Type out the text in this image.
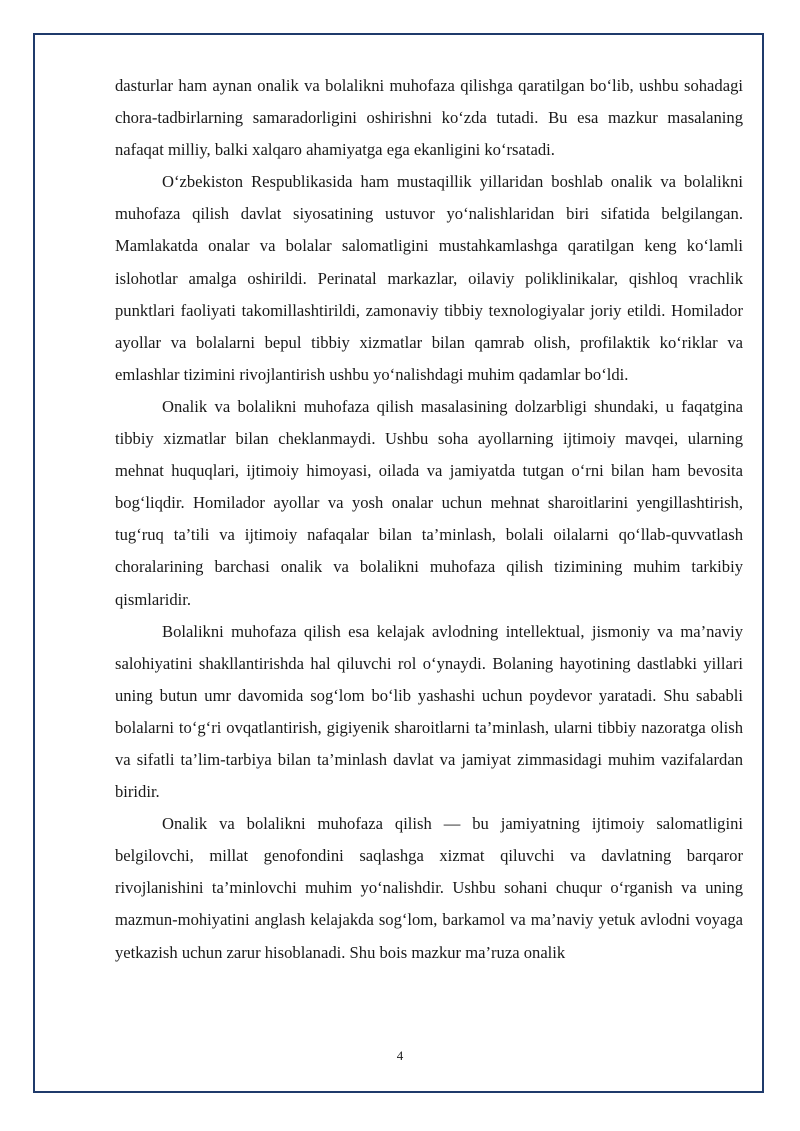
dasturlar ham aynan onalik va bolalikni muhofaza qilishga qaratilgan bo‘lib, ushbu sohadagi chora-tadbirlarning samaradorligini oshirishni ko‘zda tutadi. Bu esa mazkur masalaning nafaqat milliy, balki xalqaro ahamiyatga ega ekanligini ko‘rsatadi.

O‘zbekiston Respublikasida ham mustaqillik yillaridan boshlab onalik va bolalikni muhofaza qilish davlat siyosatining ustuvor yo‘nalishlaridan biri sifatida belgilangan. Mamlakatda onalar va bolalar salomatligini mustahkamlashga qaratilgan keng ko‘lamli islohotlar amalga oshirildi. Perinatal markazlar, oilaviy poliklinikalar, qishloq vrachlik punktlari faoliyati takomillashtirildi, zamonaviy tibbiy texnologiyalar joriy etildi. Homilador ayollar va bolalarni bepul tibbiy xizmatlar bilan qamrab olish, profilaktik ko‘riklar va emlashlar tizimini rivojlantirish ushbu yo‘nalishdagi muhim qadamlar bo‘ldi.

Onalik va bolalikni muhofaza qilish masalasining dolzarbligi shundaki, u faqatgina tibbiy xizmatlar bilan cheklanmaydi. Ushbu soha ayollarning ijtimoiy mavqei, ularning mehnat huquqlari, ijtimoiy himoyasi, oilada va jamiyatda tutgan o‘rni bilan ham bevosita bog‘liqdir. Homilador ayollar va yosh onalar uchun mehnat sharoitlarini yengillashtirish, tug‘ruq ta’tili va ijtimoiy nafaqalar bilan ta’minlash, bolali oilalarni qo‘llab-quvvatlash choralarining barchasi onalik va bolalikni muhofaza qilish tizimining muhim tarkibiy qismlaridir.

Bolalikni muhofaza qilish esa kelajak avlodning intellektual, jismoniy va ma’naviy salohiyatini shakllantirishda hal qiluvchi rol o‘ynaydi. Bolaning hayotining dastlabki yillari uning butun umr davomida sog‘lom bo‘lib yashashi uchun poydevor yaratadi. Shu sababli bolalarni to‘g‘ri ovqatlantirish, gigiyenik sharoitlarni ta’minlash, ularni tibbiy nazoratga olish va sifatli ta’lim-tarbiya bilan ta’minlash davlat va jamiyat zimmasidagi muhim vazifalardan biridir.

Onalik va bolalikni muhofaza qilish — bu jamiyatning ijtimoiy salomatligini belgilovchi, millat genofondini saqlashga xizmat qiluvchi va davlatning barqaror rivojlanishini ta’minlovchi muhim yo‘nalishdir. Ushbu sohani chuqur o‘rganish va uning mazmun-mohiyatini anglash kelajakda sog‘lom, barkamol va ma’naviy yetuk avlodni voyaga yetkazish uchun zarur hisoblanadi. Shu bois mazkur ma’ruza onalik

4
